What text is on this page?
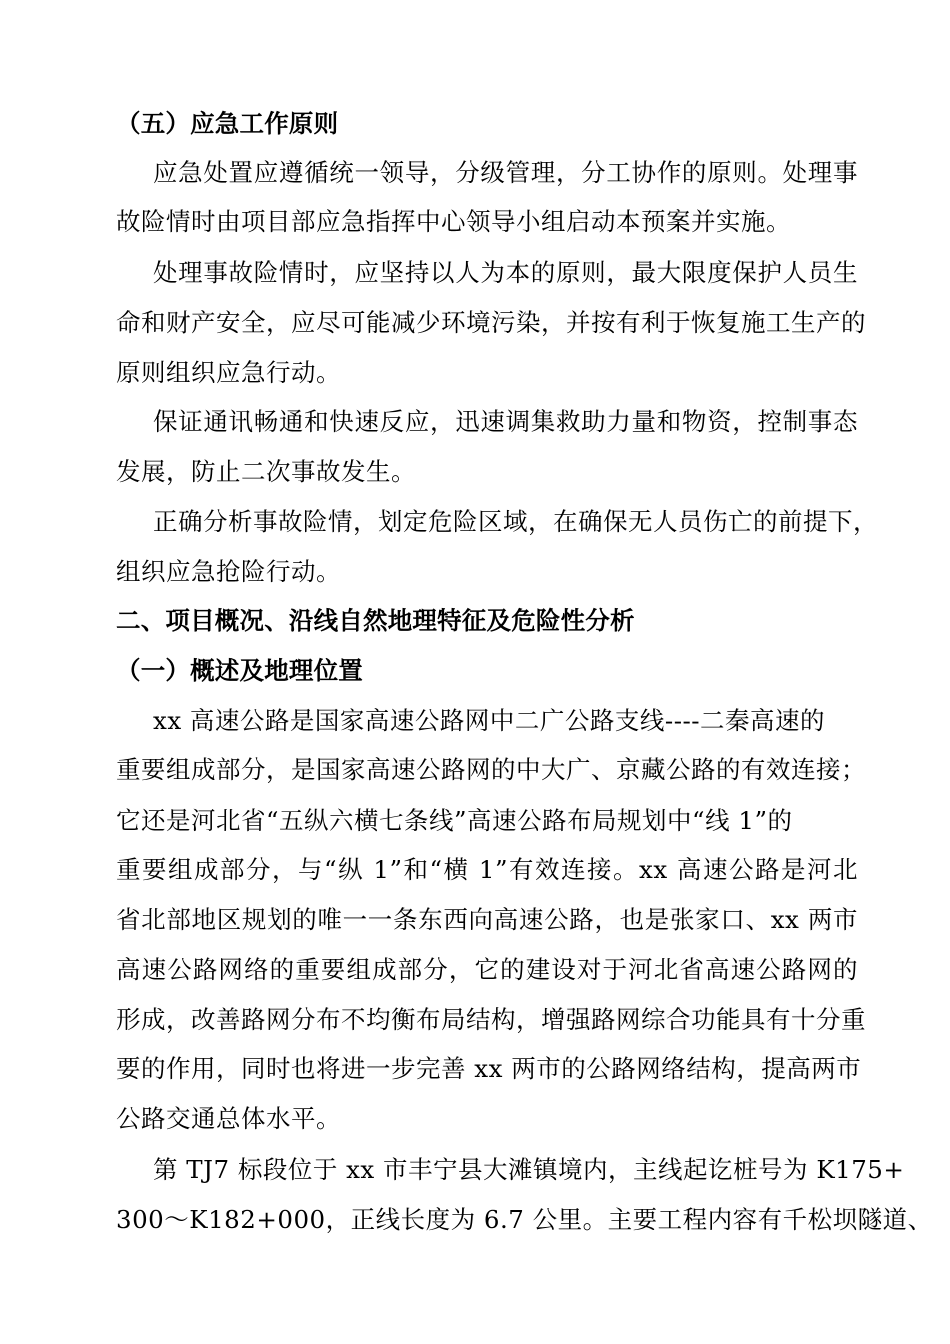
（五）应急工作原则
应急处置应遵循统一领导，分级管理，分工协作的原则。处理事
故险情时由项目部应急指挥中心领导小组启动本预案并实施。
处理事故险情时，应坚持以人为本的原则，最大限度保护人员生
命和财产安全，应尽可能减少环境污染，并按有利于恢复施工生产的
原则组织应急行动。
保证通讯畅通和快速反应，迅速调集救助力量和物资，控制事态
发展，防止二次事故发生。
正确分析事故险情，划定危险区域，在确保无人员伤亡的前提下，
组织应急抢险行动。
二、项目概况、沿线自然地理特征及危险性分析
（一）概述及地理位置
xx 高速公路是国家高速公路网中二广公路支线----二秦高速的
重要组成部分，是国家高速公路网的中大广、京藏公路的有效连接；
它还是河北省“五纵六横七条线”高速公路布局规划中“线 1”的
重要组成部分，与“纵 1”和“横 1”有效连接。xx 高速公路是河北
省北部地区规划的唯一一条东西向高速公路，也是张家口、xx 两市
高速公路网络的重要组成部分，它的建设对于河北省高速公路网的
形成，改善路网分布不均衡布局结构，增强路网综合功能具有十分重
要的作用，同时也将进一步完善 xx 两市的公路网络结构，提高两市
公路交通总体水平。
第 TJ7 标段位于 xx 市丰宁县大滩镇境内，主线起讫桩号为 K175+
300～K182+000，正线长度为 6.7 公里。主要工程内容有千松坝隧道、
